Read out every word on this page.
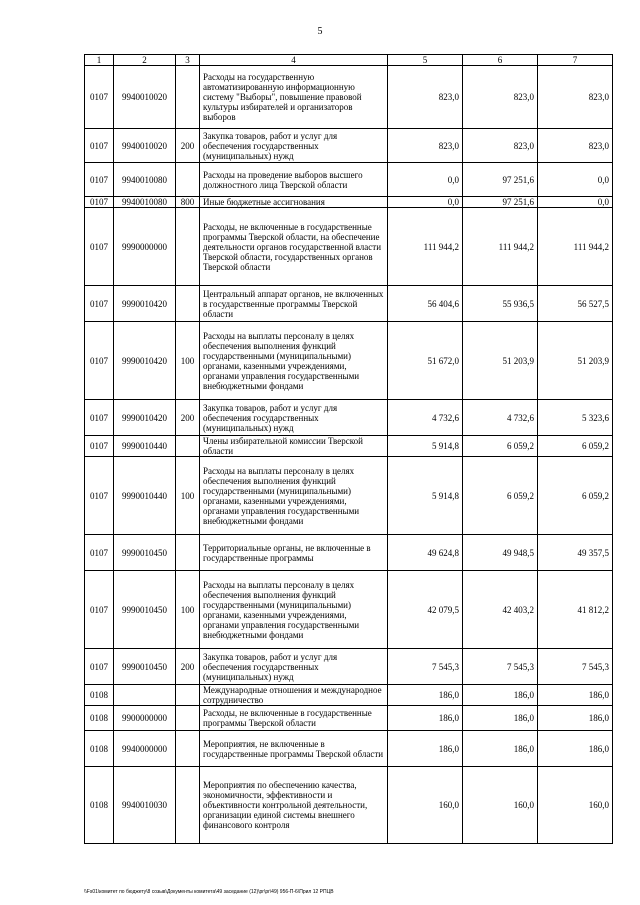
5
1	2	3	4	5	6	7
0107	9940010020		Расходы на государственную автоматизированную информационную систему "Выборы", повышение правовой культуры избирателей и организаторов выборов	823,0	823,0	823,0
0107	9940010020	200	Закупка товаров, работ и услуг для обеспечения государственных (муниципальных) нужд	823,0	823,0	823,0
0107	9940010080		Расходы на проведение выборов высшего должностного лица Тверской области	0,0	97 251,6	0,0
0107	9940010080	800	Иные бюджетные ассигнования	0,0	97 251,6	0,0
0107	9990000000		Расходы, не включенные в государственные программы Тверской области, на обеспечение деятельности органов государственной власти Тверской области, государственных органов Тверской области	111 944,2	111 944,2	111 944,2
0107	9990010420		Центральный аппарат органов, не включенных в государственные программы Тверской области	56 404,6	55 936,5	56 527,5
0107	9990010420	100	Расходы на выплаты персоналу в целях обеспечения выполнения функций государственными (муниципальными) органами, казенными учреждениями, органами управления государственными внебюджетными фондами	51 672,0	51 203,9	51 203,9
0107	9990010420	200	Закупка товаров, работ и услуг для обеспечения государственных (муниципальных) нужд	4 732,6	4 732,6	5 323,6
0107	9990010440		Члены избирательной комиссии Тверской области	5 914,8	6 059,2	6 059,2
0107	9990010440	100	Расходы на выплаты персоналу в целях обеспечения выполнения функций государственными (муниципальными) органами, казенными учреждениями, органами управления государственными внебюджетными фондами	5 914,8	6 059,2	6 059,2
0107	9990010450		Территориальные органы, не включенные в государственные программы	49 624,8	49 948,5	49 357,5
0107	9990010450	100	Расходы на выплаты персоналу в целях обеспечения выполнения функций государственными (муниципальными) органами, казенными учреждениями, органами управления государственными внебюджетными фондами	42 079,5	42 403,2	41 812,2
0107	9990010450	200	Закупка товаров, работ и услуг для обеспечения государственных (муниципальных) нужд	7 545,3	7 545,3	7 545,3
0108			Международные отношения и международное сотрудничество	186,0	186,0	186,0
0108	9900000000		Расходы, не включенные в государственные программы Тверской области	186,0	186,0	186,0
0108	9940000000		Мероприятия, не включенные в государственные программы Тверской области	186,0	186,0	186,0
0108	9940010030		Мероприятия по обеспечению качества, экономичности, эффективности и объективности контрольной деятельности, организации единой системы внешнего финансового контроля	160,0	160,0	160,0
\\Fs01\комитет по бюджету\8 созыв\Документы комитета\49 заседание (12)\pr\pr\49) 956-П-6\Прил 12 РПЦВ
